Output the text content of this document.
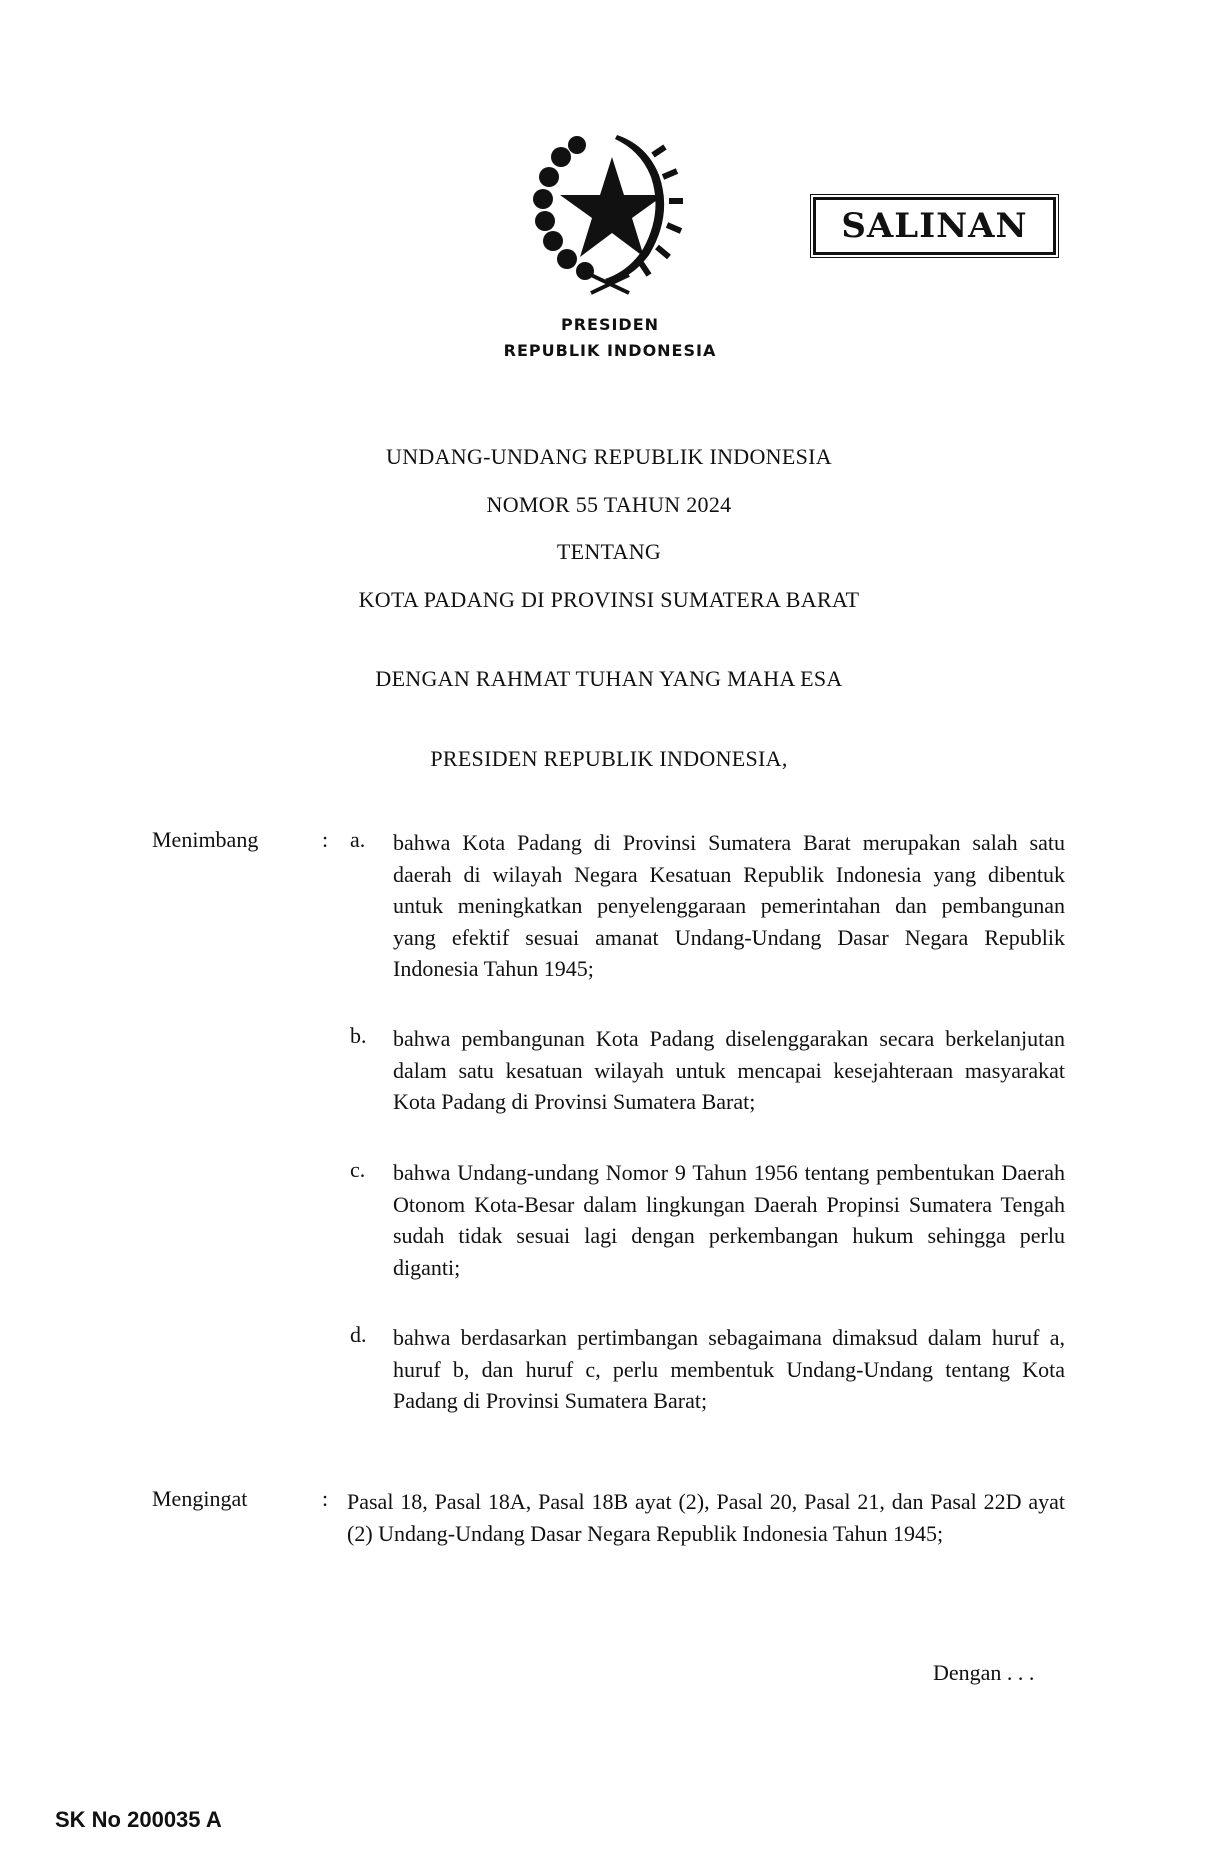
PRESIDEN
REPUBLIK INDONESIA
SALINAN
UNDANG-UNDANG REPUBLIK INDONESIA
NOMOR 55 TAHUN 2024
TENTANG
KOTA PADANG DI PROVINSI SUMATERA BARAT
DENGAN RAHMAT TUHAN YANG MAHA ESA
PRESIDEN REPUBLIK INDONESIA,
Menimbang	: a.	bahwa Kota Padang di Provinsi Sumatera Barat merupakan salah satu daerah di wilayah Negara Kesatuan Republik Indonesia yang dibentuk untuk meningkatkan penyelenggaraan pemerintahan dan pembangunan yang efektif sesuai amanat Undang-Undang Dasar Negara Republik Indonesia Tahun 1945;
b.	bahwa pembangunan Kota Padang diselenggarakan secara berkelanjutan dalam satu kesatuan wilayah untuk mencapai kesejahteraan masyarakat Kota Padang di Provinsi Sumatera Barat;
c.	bahwa Undang-undang Nomor 9 Tahun 1956 tentang pembentukan Daerah Otonom Kota-Besar dalam lingkungan Daerah Propinsi Sumatera Tengah sudah tidak sesuai lagi dengan perkembangan hukum sehingga perlu diganti;
d.	bahwa berdasarkan pertimbangan sebagaimana dimaksud dalam huruf a, huruf b, dan huruf c, perlu membentuk Undang-Undang tentang Kota Padang di Provinsi Sumatera Barat;
Mengingat	: Pasal 18, Pasal 18A, Pasal 18B ayat (2), Pasal 20, Pasal 21, dan Pasal 22D ayat (2) Undang-Undang Dasar Negara Republik Indonesia Tahun 1945;
Dengan . . .
SK No 200035 A
